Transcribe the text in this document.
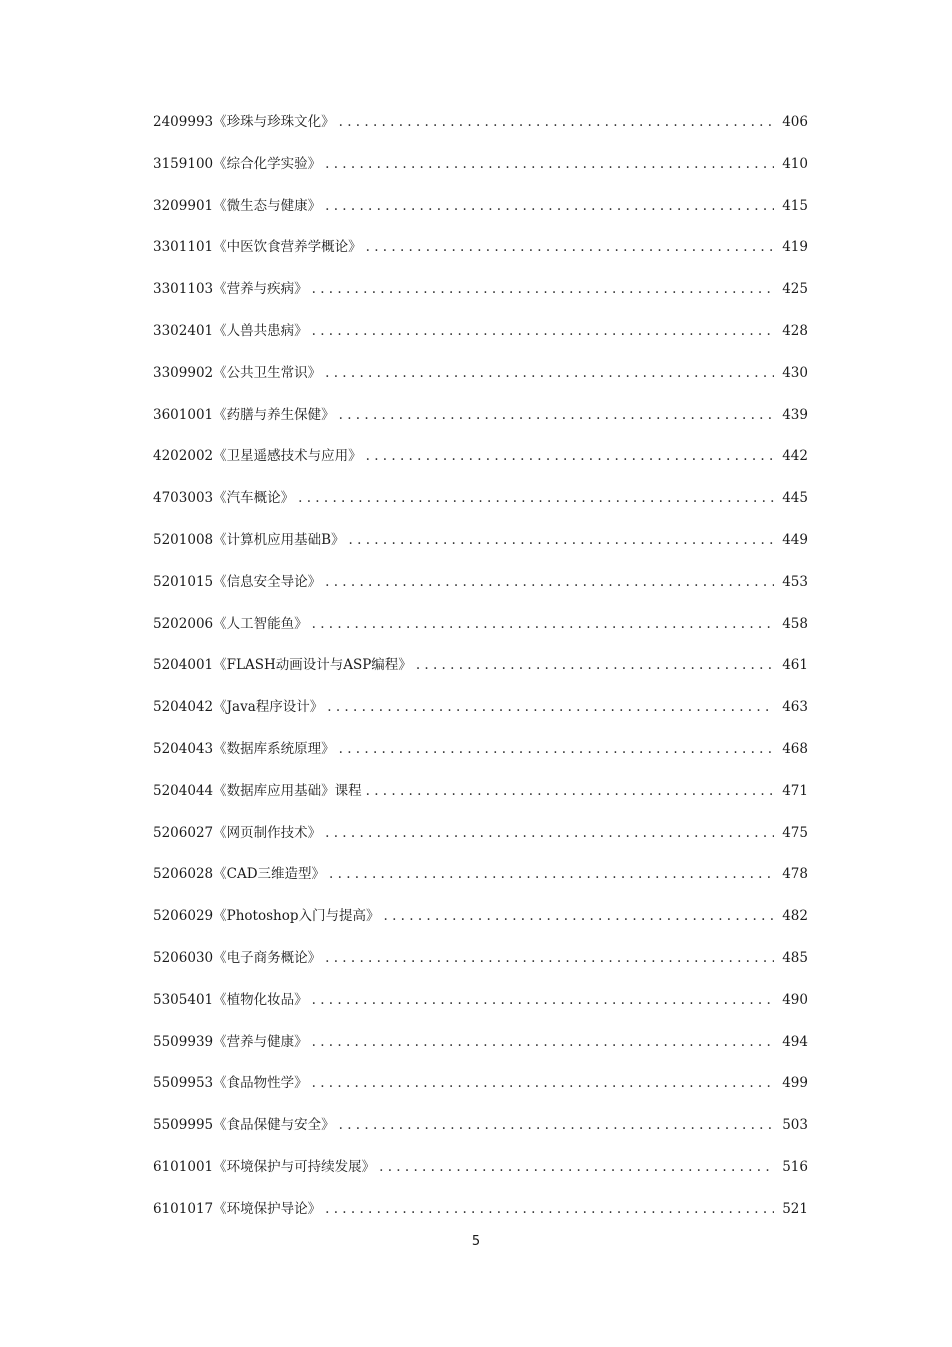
2409993《珍珠与珍珠文化》 . . .	406
3159100《综合化学实验》 . . .	410
3209901《微生态与健康》 . . .	415
3301101《中医饮食营养学概论》 . . .	419
3301103《营养与疾病》 . . .	425
3302401《人兽共患病》 . . .	428
3309902《公共卫生常识》 . . .	430
3601001《药膳与养生保健》 . . .	439
4202002《卫星遥感技术与应用》 . . .	442
4703003《汽车概论》 . . .	445
5201008《计算机应用基础B》 . . .	449
5201015《信息安全导论》 . . .	453
5202006《人工智能鱼》 . . .	458
5204001《FLASH动画设计与ASP编程》 . . .	461
5204042《Java程序设计》 . . .	463
5204043《数据库系统原理》 . . .	468
5204044《数据库应用基础》课程 . . .	471
5206027《网页制作技术》 . . .	475
5206028《CAD三维造型》 . . .	478
5206029《Photoshop入门与提高》 . . .	482
5206030《电子商务概论》 . . .	485
5305401《植物化妆品》 . . .	490
5509939《营养与健康》 . . .	494
5509953《食品物性学》 . . .	499
5509995《食品保健与安全》 . . .	503
6101001《环境保护与可持续发展》 . . .	516
6101017《环境保护导论》 . . .	521
5
